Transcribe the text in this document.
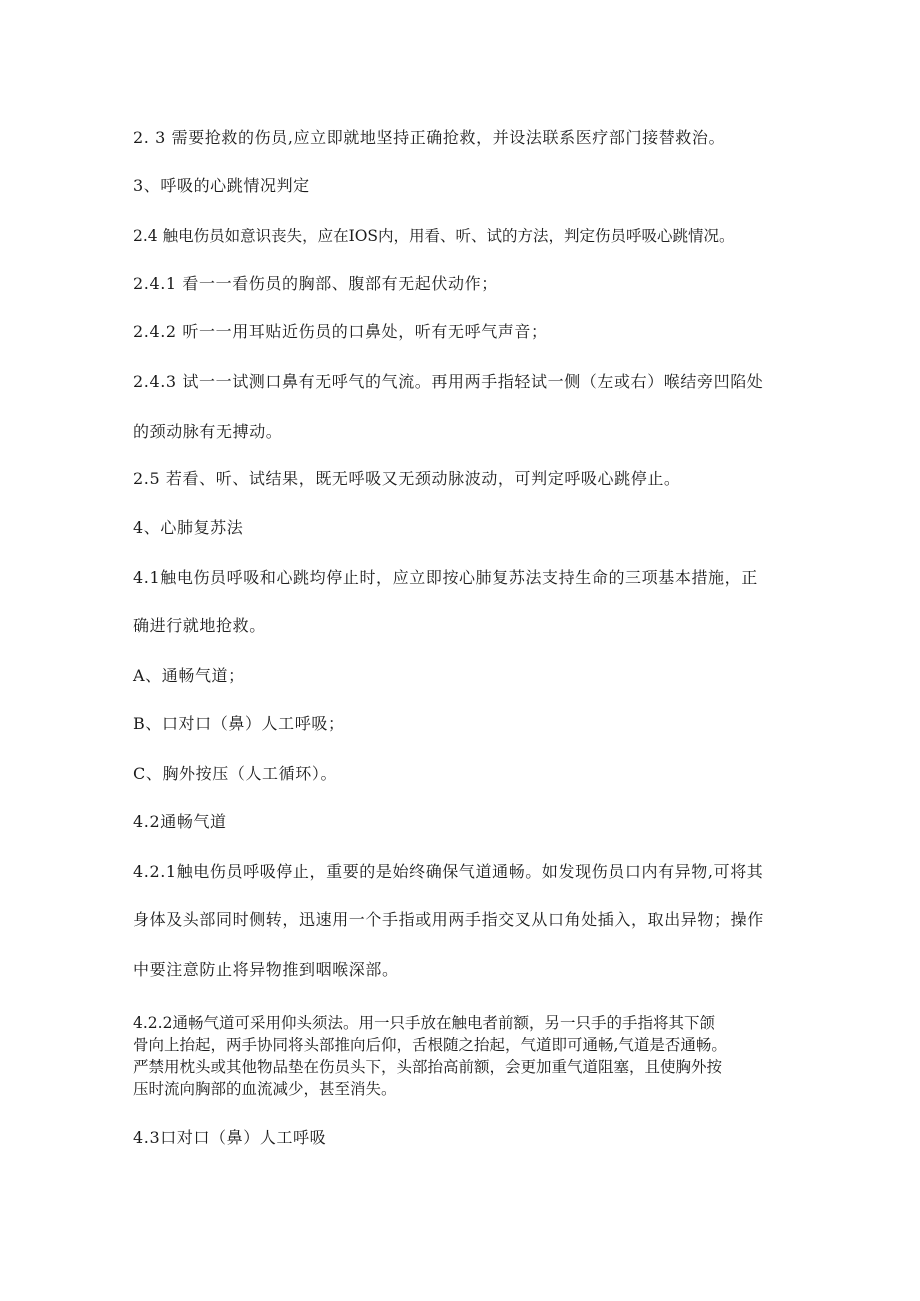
2. 3 需要抢救的伤员,应立即就地坚持正确抢救，并设法联系医疗部门接替救治。
3、呼吸的心跳情况判定
2.4 触电伤员如意识丧失，应在IOS内，用看、听、试的方法，判定伤员呼吸心跳情况。
2.4.1 看一一看伤员的胸部、腹部有无起伏动作；
2.4.2 听一一用耳贴近伤员的口鼻处，听有无呼气声音；
2.4.3 试一一试测口鼻有无呼气的气流。再用两手指轻试一侧（左或右）喉结旁凹陷处
的颈动脉有无搏动。
2.5 若看、听、试结果，既无呼吸又无颈动脉波动，可判定呼吸心跳停止。
4、心肺复苏法
4.1触电伤员呼吸和心跳均停止时，应立即按心肺复苏法支持生命的三项基本措施，正
确进行就地抢救。
A、通畅气道；
B、口对口（鼻）人工呼吸；
C、胸外按压（人工循环）。
4.2通畅气道
4.2.1触电伤员呼吸停止，重要的是始终确保气道通畅。如发现伤员口内有异物,可将其
身体及头部同时侧转，迅速用一个手指或用两手指交叉从口角处插入，取出异物；操作
中要注意防止将异物推到咽喉深部。
4.2.2通畅气道可采用仰头须法。用一只手放在触电者前额，另一只手的手指将其下颌
骨向上抬起，两手协同将头部推向后仰，舌根随之抬起，气道即可通畅,气道是否通畅。
严禁用枕头或其他物品垫在伤员头下，头部抬高前额，会更加重气道阻塞，且使胸外按
压时流向胸部的血流减少，甚至消失。
4.3口对口（鼻）人工呼吸
